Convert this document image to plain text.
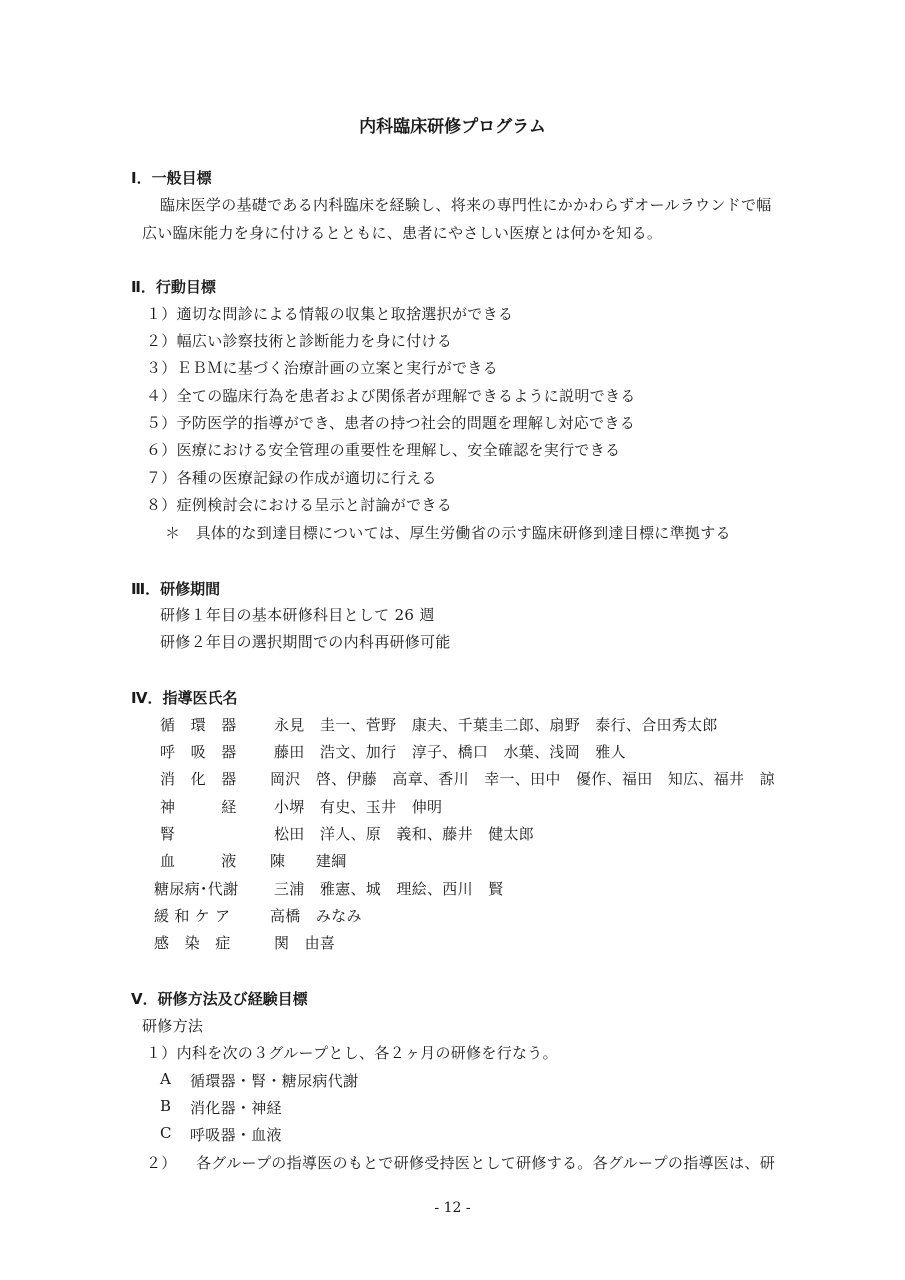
内科臨床研修プログラム
Ⅰ．一般目標
臨床医学の基礎である内科臨床を経験し、将来の専門性にかかわらずオールラウンドで幅
広い臨床能力を身に付けるとともに、患者にやさしい医療とは何かを知る。
Ⅱ．行動目標
１）適切な問診による情報の収集と取捨選択ができる
２）幅広い診察技術と診断能力を身に付ける
３）ＥＢＭに基づく治療計画の立案と実行ができる
４）全ての臨床行為を患者および関係者が理解できるように説明できる
５）予防医学的指導ができ、患者の持つ社会的問題を理解し対応できる
６）医療における安全管理の重要性を理解し、安全確認を実行できる
７）各種の医療記録の作成が適切に行える
８）症例検討会における呈示と討論ができる
＊　具体的な到達目標については、厚生労働省の示す臨床研修到達目標に準拠する
Ⅲ．研修期間
研修１年目の基本研修科目として 26 週
研修２年目の選択期間での内科再研修可能
Ⅳ．指導医氏名
循　環　器 永見　圭一、菅野　康夫、千葉圭二郎、扇野　泰行、合田秀太郎
呼　吸　器 藤田　浩文、加行　淳子、橋口　水葉、浅岡　雅人
消　化　器 岡沢　啓、伊藤　高章、香川　幸一、田中　優作、福田　知広、福井　諒
神　　　経 小堺　有史、玉井　伸明
腎	松田　洋人、原　義和、藤井　健太郎
血　　　液 陳　　建綱
糖尿病･代謝 三浦　雅憲、城　理絵、西川　賢
緩 和 ケ ア	高橋　みなみ
感　染　症	関　由喜
Ⅴ．研修方法及び経験目標
研修方法
１）内科を次の３グループとし、各２ヶ月の研修を行なう。
A 循環器・腎・糖尿病代謝
B 消化器・神経
C 呼吸器・血液
２） 各グループの指導医のもとで研修受持医として研修する。各グループの指導医は、研
- 12 -
